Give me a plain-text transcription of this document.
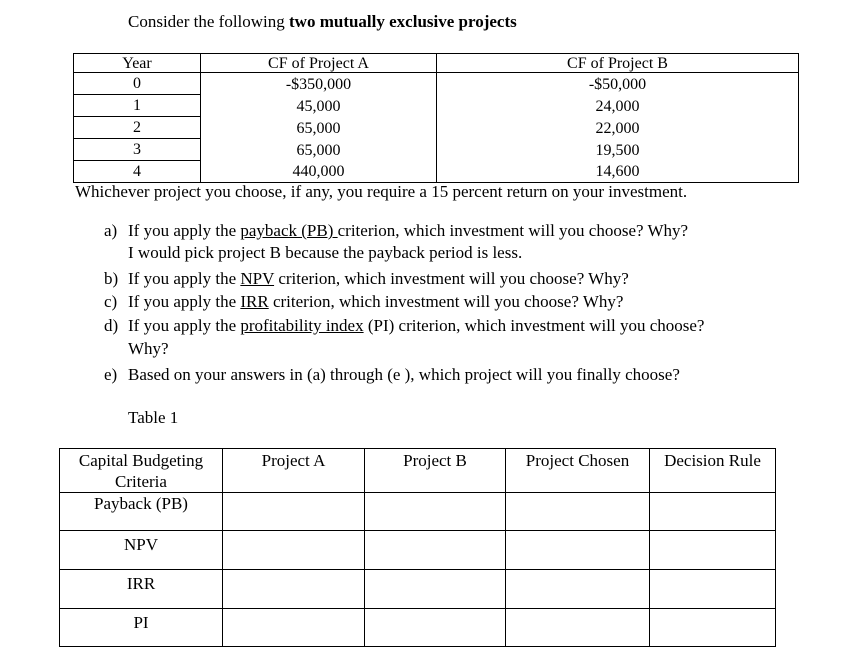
Consider the following two mutually exclusive projects
Year	CF of Project A	CF of Project B
0	-$350,000	-$50,000
1	45,000	24,000
2	65,000	22,000
3	65,000	19,500
4	440,000	14,600
Whichever project you choose, if any, you require a 15 percent return on your investment.
a) If you apply the payback (PB) criterion, which investment will you choose? Why?
I would pick project B because the payback period is less.
b) If you apply the NPV criterion, which investment will you choose? Why?
c) If you apply the IRR criterion, which investment will you choose? Why?
d) If you apply the profitability index (PI) criterion, which investment will you choose?
Why?
e) Based on your answers in (a) through (e ), which project will you finally choose?
Table 1
Capital Budgeting
Criteria	Project A	Project B	Project Chosen	Decision Rule
Payback (PB)				
NPV				
IRR				
PI				
